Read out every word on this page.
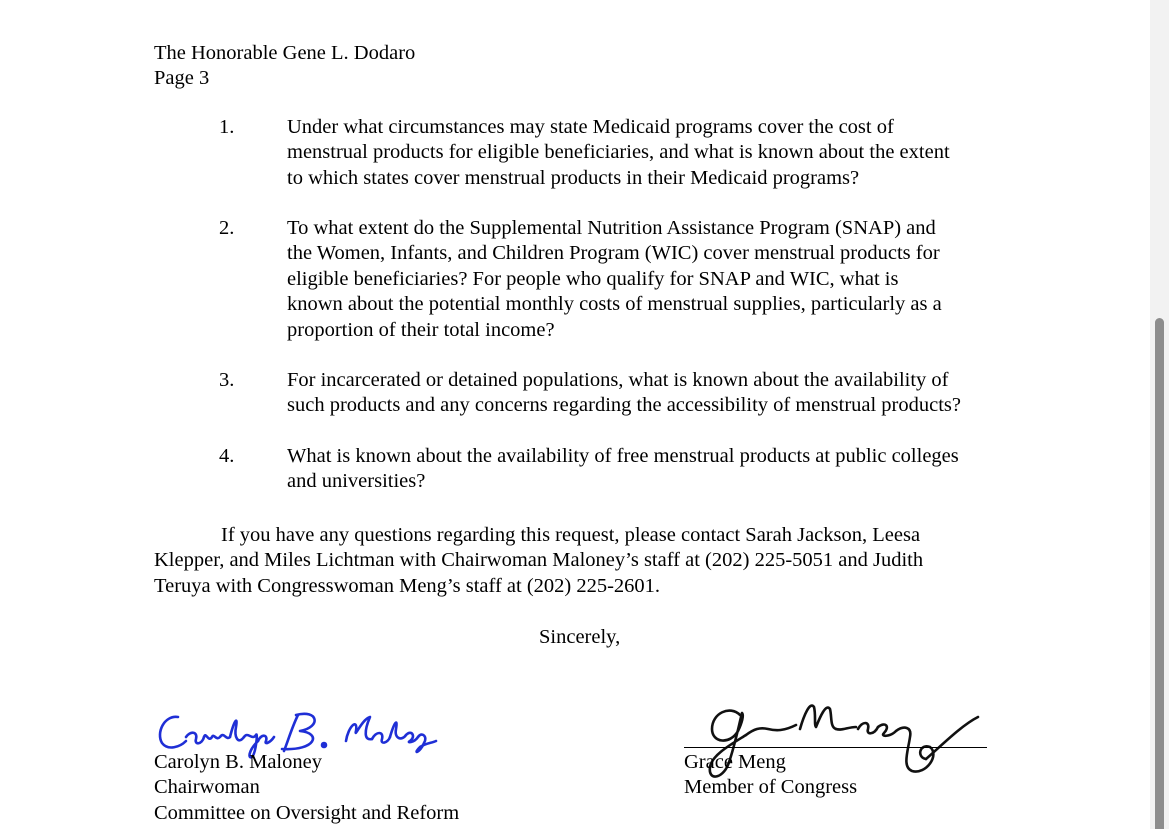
The Honorable Gene L. Dodaro
Page 3
1.	Under what circumstances may state Medicaid programs cover the cost of
menstrual products for eligible beneficiaries, and what is known about the extent
to which states cover menstrual products in their Medicaid programs?
2.	To what extent do the Supplemental Nutrition Assistance Program (SNAP) and
the Women, Infants, and Children Program (WIC) cover menstrual products for
eligible beneficiaries? For people who qualify for SNAP and WIC, what is
known about the potential monthly costs of menstrual supplies, particularly as a
proportion of their total income?
3.	For incarcerated or detained populations, what is known about the availability of
such products and any concerns regarding the accessibility of menstrual products?
4.	What is known about the availability of free menstrual products at public colleges
and universities?
If you have any questions regarding this request, please contact Sarah Jackson, Leesa
Klepper, and Miles Lichtman with Chairwoman Maloney’s staff at (202) 225-5051 and Judith
Teruya with Congresswoman Meng’s staff at (202) 225-2601.
Sincerely,
Carolyn B. Maloney
Chairwoman
Committee on Oversight and Reform
Grace Meng
Member of Congress
